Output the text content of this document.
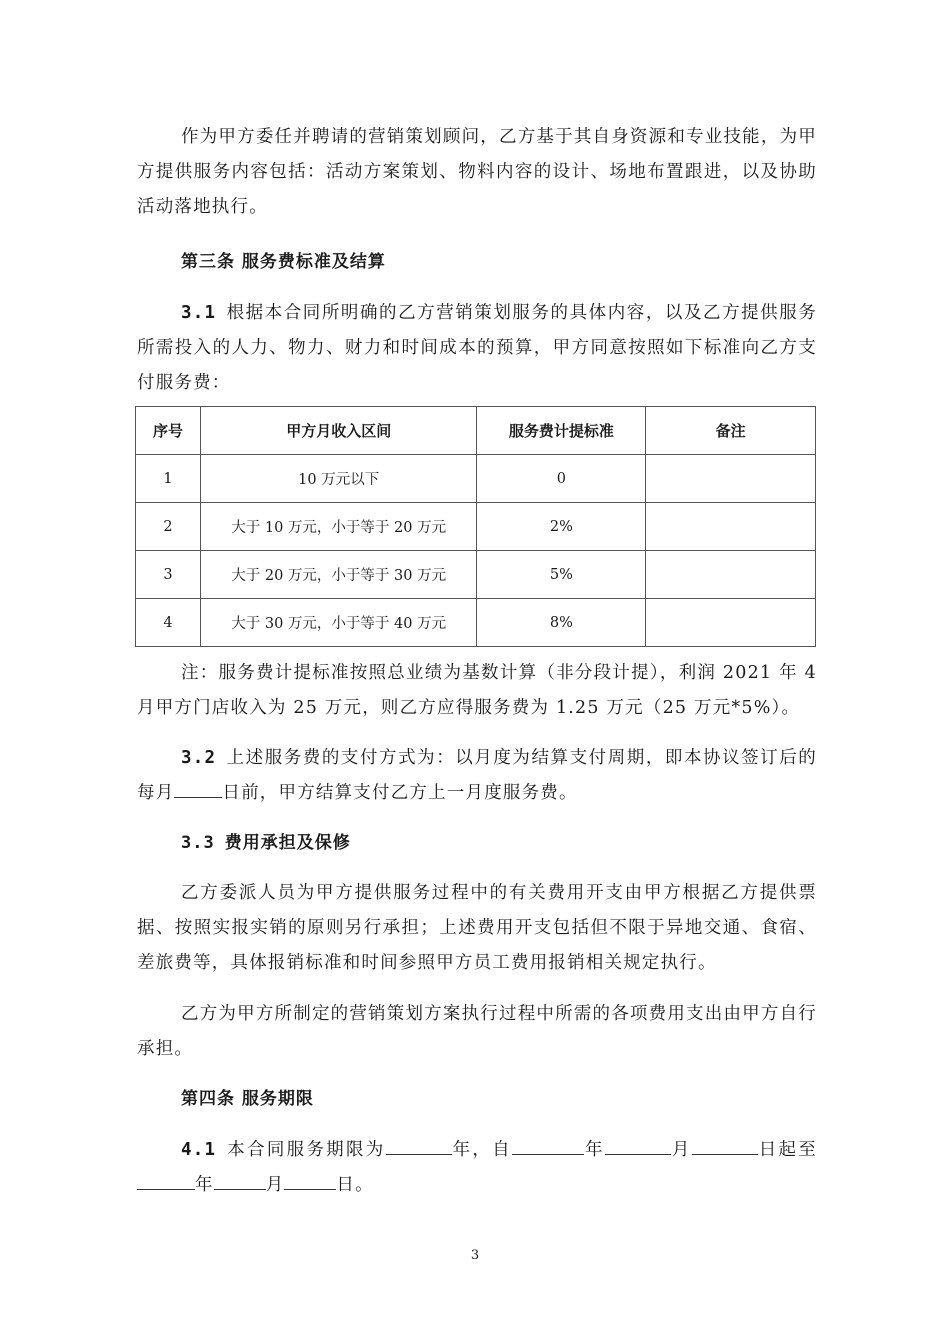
作为甲方委任并聘请的营销策划顾问，乙方基于其自身资源和专业技能，为甲方提供服务内容包括：活动方案策划、物料内容的设计、场地布置跟进，以及协助活动落地执行。

第三条 服务费标准及结算

3.1 根据本合同所明确的乙方营销策划服务的具体内容，以及乙方提供服务所需投入的人力、物力、财力和时间成本的预算，甲方同意按照如下标准向乙方支付服务费：

序号	甲方月收入区间	服务费计提标准	备注
1	10 万元以下	0	
2	大于 10 万元，小于等于 20 万元	2%	
3	大于 20 万元，小于等于 30 万元	5%	
4	大于 30 万元，小于等于 40 万元	8%	

注：服务费计提标准按照总业绩为基数计算（非分段计提），利润 2021 年 4 月甲方门店收入为 25 万元，则乙方应得服务费为 1.25 万元（25 万元*5%）。

3.2 上述服务费的支付方式为：以月度为结算支付周期，即本协议签订后的每月	日前，甲方结算支付乙方上一月度服务费。

3.3 费用承担及保修

乙方委派人员为甲方提供服务过程中的有关费用开支由甲方根据乙方提供票据、按照实报实销的原则另行承担；上述费用开支包括但不限于异地交通、食宿、差旅费等，具体报销标准和时间参照甲方员工费用报销相关规定执行。

乙方为甲方所制定的营销策划方案执行过程中所需的各项费用支出由甲方自行承担。

第四条 服务期限

4.1 本合同服务期限为	年，自	年	月	日起至年	月	日。

3
